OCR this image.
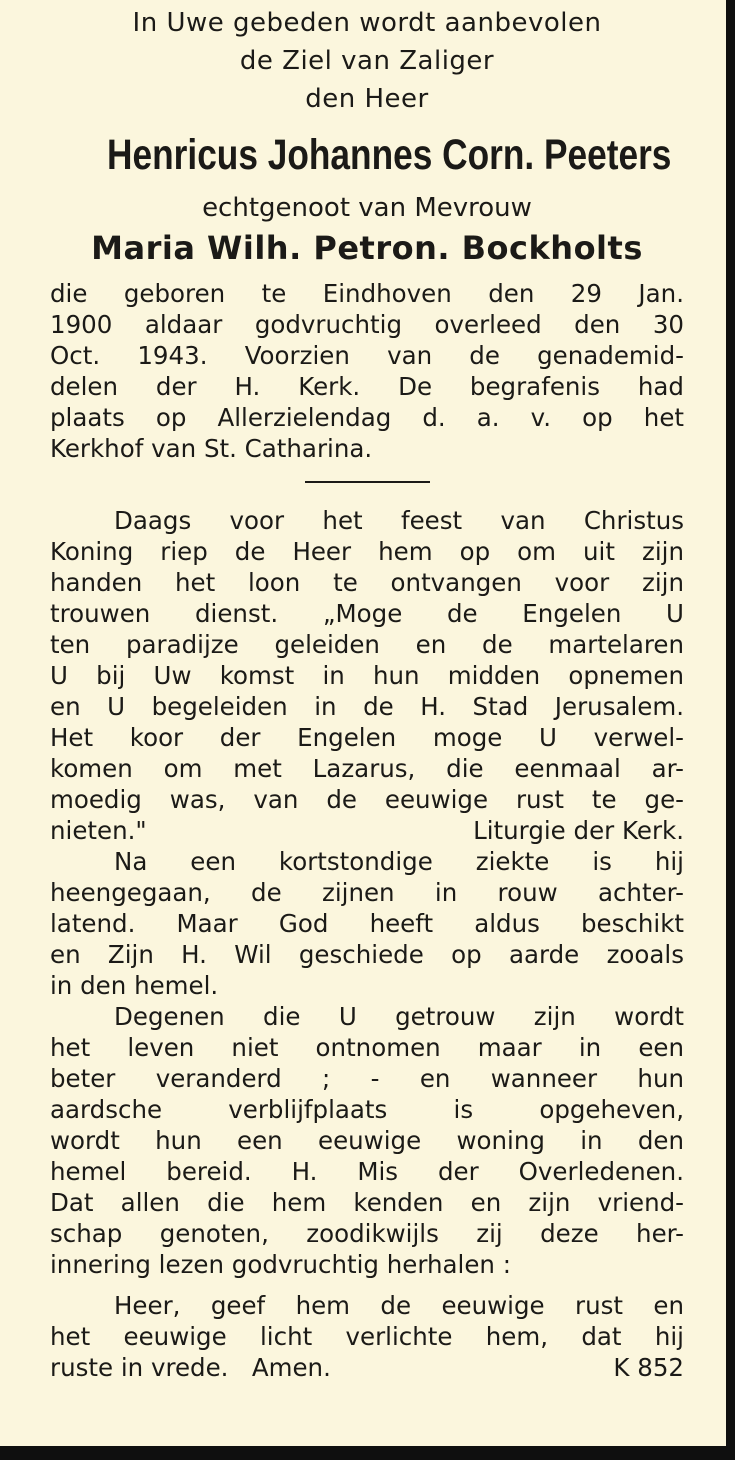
In Uwe gebeden wordt aanbevolen
de Ziel van Zaliger
den Heer
Henricus Johannes Corn. Peeters
echtgenoot van Mevrouw
Maria Wilh. Petron. Bockholts
die geboren te Eindhoven den 29 Jan.
1900 aldaar godvruchtig overleed den 30
Oct. 1943. Voorzien van de genademid-
delen der H. Kerk. De begrafenis had
plaats op Allerzielendag d. a. v. op het
Kerkhof van St. Catharina.
Daags voor het feest van Christus
Koning riep de Heer hem op om uit zijn
handen het loon te ontvangen voor zijn
trouwen dienst. „Moge de Engelen U
ten paradijze geleiden en de martelaren
U bij Uw komst in hun midden opnemen
en U begeleiden in de H. Stad Jerusalem.
Het koor der Engelen moge U verwel-
komen om met Lazarus, die eenmaal ar-
moedig was, van de eeuwige rust te ge-
nieten."	Liturgie der Kerk.
Na een kortstondige ziekte is hij
heengegaan, de zijnen in rouw achter-
latend. Maar God heeft aldus beschikt
en Zijn H. Wil geschiede op aarde zooals
in den hemel.
Degenen die U getrouw zijn wordt
het leven niet ontnomen maar in een
beter veranderd ; - en wanneer hun
aardsche verblijfplaats is opgeheven,
wordt hun een eeuwige woning in den
hemel bereid. H. Mis der Overledenen.
Dat allen die hem kenden en zijn vriend-
schap genoten, zoodikwijls zij deze her-
innering lezen godvruchtig herhalen :
Heer, geef hem de eeuwige rust en
het eeuwige licht verlichte hem, dat hij
ruste in vrede.   Amen.	K 852
